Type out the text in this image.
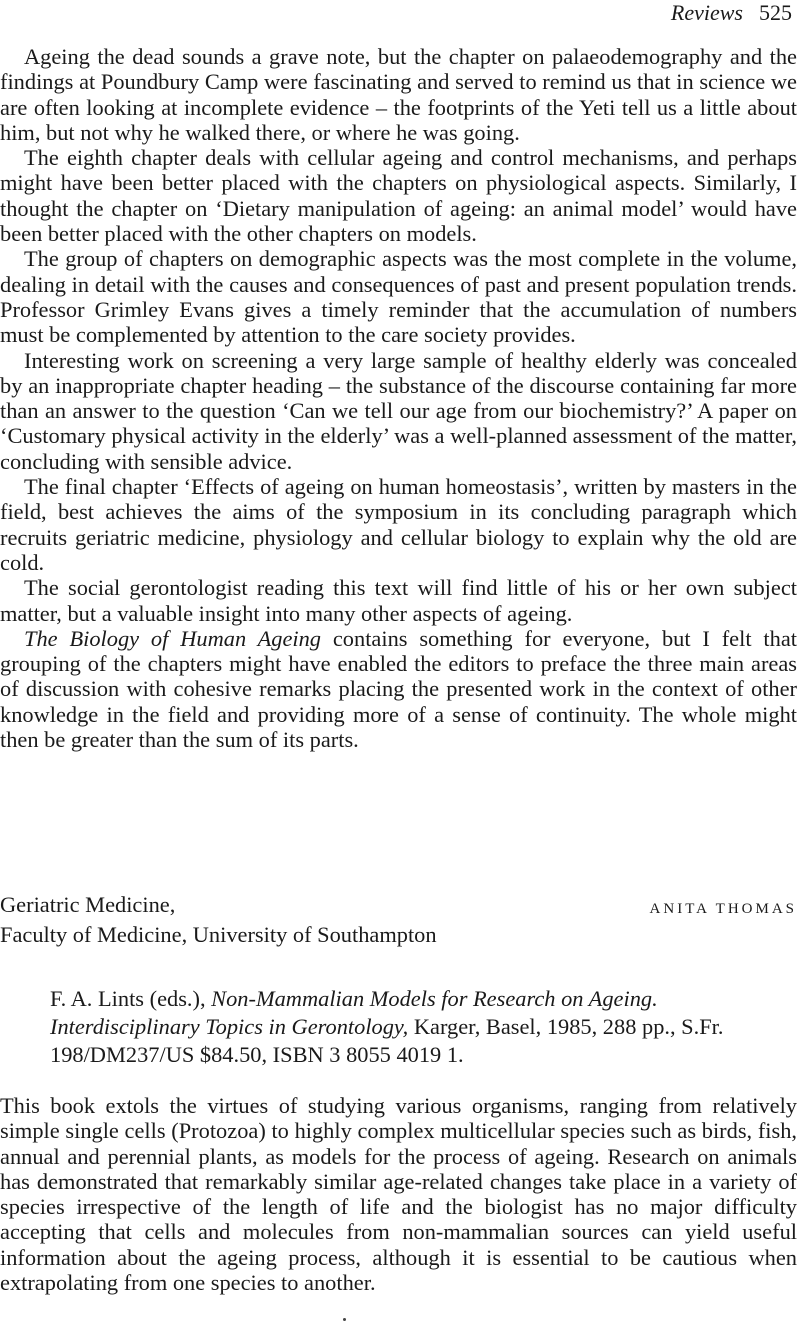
Reviews 525

Ageing the dead sounds a grave note, but the chapter on palaeodemography and the findings at Poundbury Camp were fascinating and served to remind us that in science we are often looking at incomplete evidence – the footprints of the Yeti tell us a little about him, but not why he walked there, or where he was going.

The eighth chapter deals with cellular ageing and control mechanisms, and perhaps might have been better placed with the chapters on physiological aspects. Similarly, I thought the chapter on ‘Dietary manipulation of ageing: an animal model’ would have been better placed with the other chapters on models.

The group of chapters on demographic aspects was the most complete in the volume, dealing in detail with the causes and consequences of past and present population trends. Professor Grimley Evans gives a timely reminder that the accumulation of numbers must be complemented by attention to the care society provides.

Interesting work on screening a very large sample of healthy elderly was concealed by an inappropriate chapter heading – the substance of the discourse containing far more than an answer to the question ‘Can we tell our age from our biochemistry?’ A paper on ‘Customary physical activity in the elderly’ was a well-planned assessment of the matter, concluding with sensible advice.

The final chapter ‘Effects of ageing on human homeostasis’, written by masters in the field, best achieves the aims of the symposium in its concluding paragraph which recruits geriatric medicine, physiology and cellular biology to explain why the old are cold.

The social gerontologist reading this text will find little of his or her own subject matter, but a valuable insight into many other aspects of ageing.

The Biology of Human Ageing contains something for everyone, but I felt that grouping of the chapters might have enabled the editors to preface the three main areas of discussion with cohesive remarks placing the presented work in the context of other knowledge in the field and providing more of a sense of continuity. The whole might then be greater than the sum of its parts.

Geriatric Medicine,	ANITA THOMAS
Faculty of Medicine, University of Southampton

F. A. Lints (eds.), Non-Mammalian Models for Research on Ageing. Interdisciplinary Topics in Gerontology, Karger, Basel, 1985, 288 pp., S.Fr. 198/DM237/US $84.50, ISBN 3 8055 4019 1.

This book extols the virtues of studying various organisms, ranging from relatively simple single cells (Protozoa) to highly complex multicellular species such as birds, fish, annual and perennial plants, as models for the process of ageing. Research on animals has demonstrated that remarkably similar age-related changes take place in a variety of species irrespective of the length of life and the biologist has no major difficulty accepting that cells and molecules from non-mammalian sources can yield useful information about the ageing process, although it is essential to be cautious when extrapolating from one species to another.
